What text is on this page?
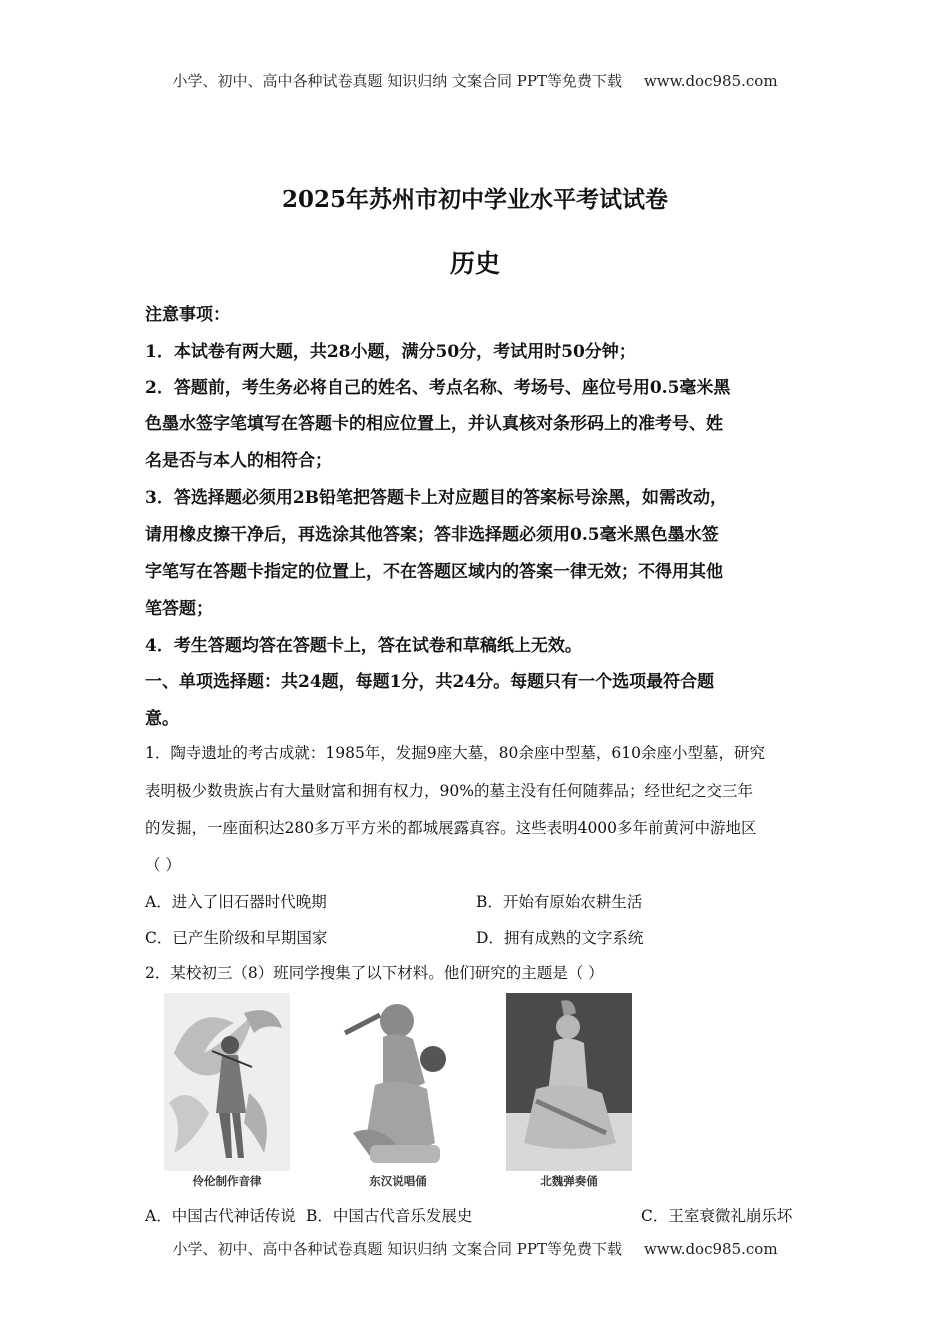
小学、初中、高中各种试卷真题 知识归纳 文案合同 PPT等免费下载 www.doc985.com
2025年苏州市初中学业水平考试试卷
历史
注意事项：
1．本试卷有两大题，共28小题，满分50分，考试用时50分钟；
2．答题前，考生务必将自己的姓名、考点名称、考场号、座位号用0.5毫米黑
色墨水签字笔填写在答题卡的相应位置上，并认真核对条形码上的准考号、姓
名是否与本人的相符合；
3．答选择题必须用2B铅笔把答题卡上对应题目的答案标号涂黑，如需改动，
请用橡皮擦干净后，再选涂其他答案；答非选择题必须用0.5毫米黑色墨水签
字笔写在答题卡指定的位置上，不在答题区域内的答案一律无效；不得用其他
笔答题；
4．考生答题均答在答题卡上，答在试卷和草稿纸上无效。
一、单项选择题：共24题，每题1分，共24分。每题只有一个选项最符合题
意。
1．陶寺遗址的考古成就：1985年，发掘9座大墓，80余座中型墓，610余座小型墓，研究
表明极少数贵族占有大量财富和拥有权力，90%的墓主没有任何随葬品；经世纪之交三年
的发掘，一座面积达280多万平方米的都城展露真容。这些表明4000多年前黄河中游地区
（ ）
A．进入了旧石器时代晚期	B．开始有原始农耕生活
C．已产生阶级和早期国家	D．拥有成熟的文字系统
2．某校初三（8）班同学搜集了以下材料。他们研究的主题是（ ）
伶伦制作音律	东汉说唱俑	北魏弹奏俑
A．中国古代神话传说 B．中国古代音乐发展史	C．王室衰微礼崩乐坏
小学、初中、高中各种试卷真题 知识归纳 文案合同 PPT等免费下载 www.doc985.com
